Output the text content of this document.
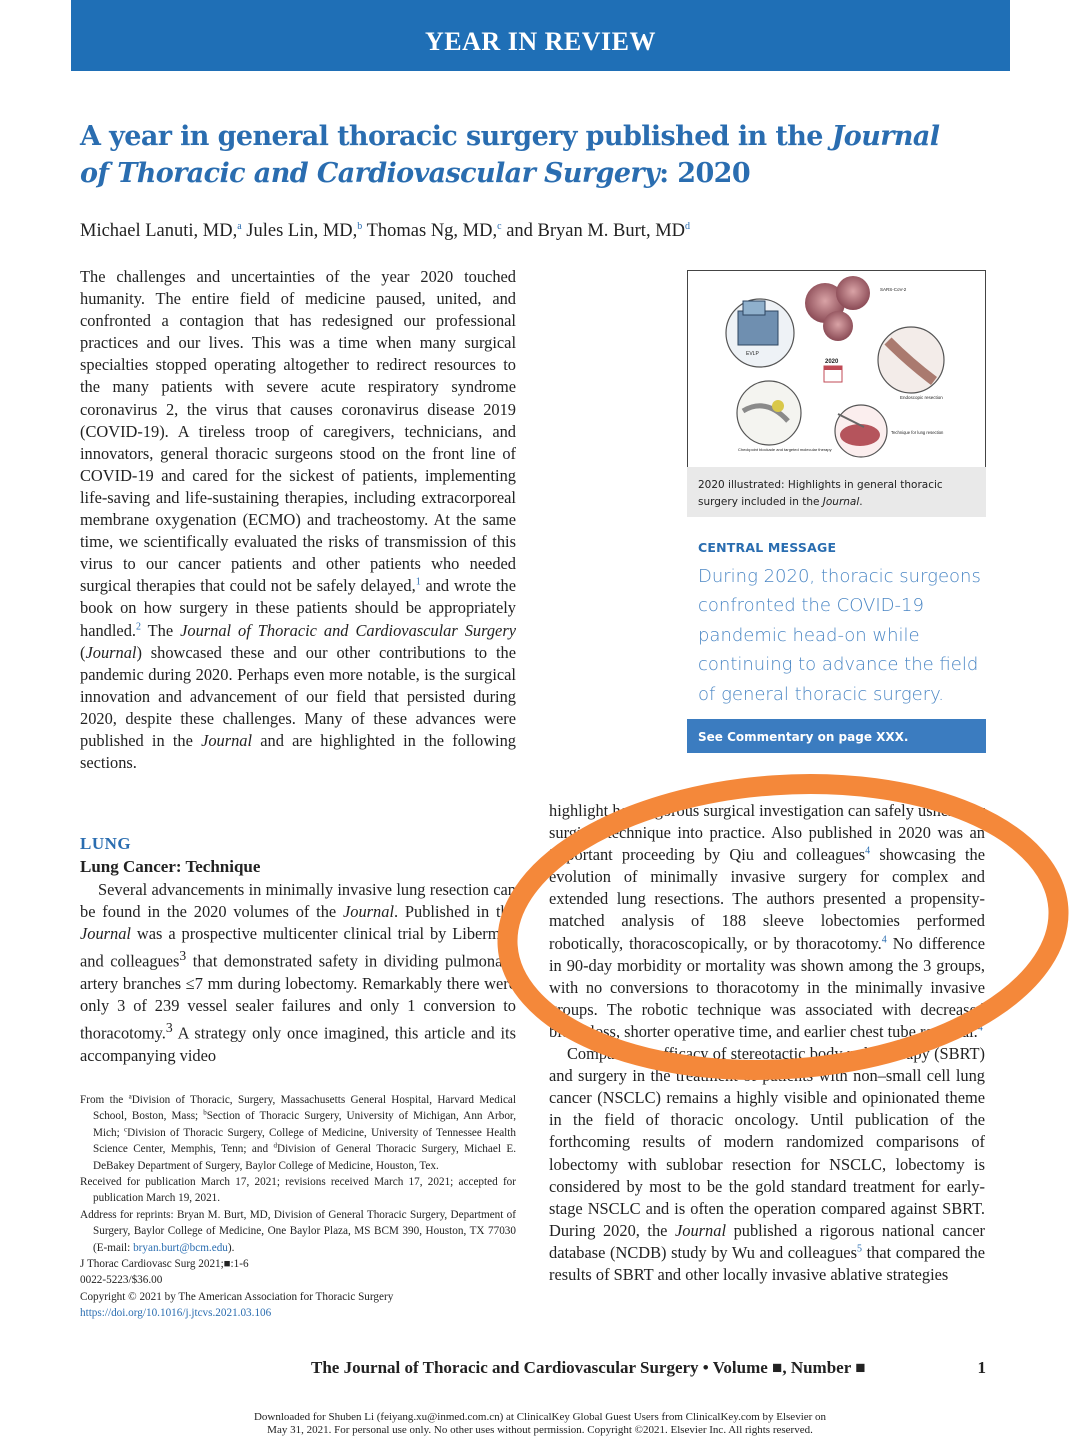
YEAR IN REVIEW
A year in general thoracic surgery published in the Journal
of Thoracic and Cardiovascular Surgery: 2020
Michael Lanuti, MD,$^a$ Jules Lin, MD,$^b$ Thomas Ng, MD,$^c$ and Bryan M. Burt, $MD^d$

The challenges and uncertainties of the year 2020 touched humanity. The entire field of medicine paused, united, and confronted a contagion that has redesigned our professional practices and our lives. This was a time when many surgical specialties stopped operating altogether to redirect resources to the many patients with severe acute respiratory syndrome coronavirus 2, the virus that causes coronavirus disease 2019 (COVID-19). A tireless troop of caregivers, technicians, and innovators, general thoracic surgeons stood on the front line of COVID-19 and cared for the sickest of patients, implementing life-saving and life-sustaining therapies, including extracorporeal membrane oxygenation (ECMO) and tracheostomy. At the same time, we scientifically evaluated the risks of transmission of this virus to our cancer patients and other patients who needed surgical therapies that could not be safely delayed,$^1$ and wrote the book on how surgery in these patients should be appropriately handled.$^2$ The Journal of Thoracic and Cardiovascular Surgery (Journal) showcased these and our other contributions to the pandemic during 2020. Perhaps even more notable, is the surgical innovation and advancement of our field that persisted during 2020, despite these challenges. Many of these advances were published in the Journal and are highlighted in the following sections.

LUNG
Lung Cancer: Technique

Several advancements in minimally invasive lung resection can be found in the 2020 volumes of the Journal. Published in the Journal was a prospective multicenter clinical trial by Liberman and colleagues$^3$ that demonstrated safety in dividing pulmonary artery branches ≤7 mm during lobectomy. Remarkably there were only 3 of 239 vessel sealer failures and only 1 conversion to thoracotomy.$^3$ A strategy only once imagined, this article and its accompanying video

EVLP
SARS-CoV-2
2020
Endoscopic resection
Checkpoint blockade and targeted molecular therapy
Technique for lung resection
2020 illustrated: Highlights in general thoracic surgery included in the Journal.
CENTRAL MESSAGE
During 2020, thoracic surgeons confronted the COVID-19 pandemic head-on while continuing to advance the field of general thoracic surgery.
See Commentary on page XXX.

highlight how rigorous surgical investigation can safely usher new surgical technique into practice. Also published in 2020 was an important proceeding by Qiu and colleagues$^4$ showcasing the evolution of minimally invasive surgery for complex and extended lung resections. The authors presented a propensity-matched analysis of 188 sleeve lobectomies performed robotically, thoracoscopically, or by thoracotomy.$^4$ No difference in 90-day morbidity or mortality was shown among the 3 groups, with no conversions to thoracotomy in the minimally invasive groups. The robotic technique was associated with decreased blood loss, shorter operative time, and earlier chest tube removal.$^4$

Comparative efficacy of stereotactic body radiotherapy (SBRT) and surgery in the treatment of patients with non–small cell lung cancer (NSCLC) remains a highly visible and opinionated theme in the field of thoracic oncology. Until publication of the forthcoming results of modern randomized comparisons of lobectomy with sublobar resection for NSCLC, lobectomy is considered by most to be the gold standard treatment for early-stage NSCLC and is often the operation compared against SBRT. During 2020, the Journal published a rigorous national cancer database (NCDB) study by Wu and colleagues$^5$ that compared the results of SBRT and other locally invasive ablative strategies

From the $^a$Division of Thoracic, Surgery, Massachusetts General Hospital, Harvard Medical School, Boston, Mass; $^b$Section of Thoracic Surgery, University of Michigan, Ann Arbor, Mich; $^c$Division of Thoracic Surgery, College of Medicine, University of Tennessee Health Science Center, Memphis, Tenn; and $^d$Division of General Thoracic Surgery, Michael E. DeBakey Department of Surgery, Baylor College of Medicine, Houston, Tex.

Received for publication March 17, 2021; revisions received March 17, 2021; accepted for publication March 19, 2021.

Address for reprints: Bryan M. Burt, MD, Division of General Thoracic Surgery, Department of Surgery, Baylor College of Medicine, One Baylor Plaza, MS BCM 390, Houston, TX 77030 (E-mail: bryan.burt@bcm.edu).

J Thorac Cardiovasc Surg 2021;■:1-6

0022-5223/$36.00

Copyright © 2021 by The American Association for Thoracic Surgery

https://doi.org/10.1016/j.jtcvs.2021.03.106

The Journal of Thoracic and Cardiovascular Surgery • Volume ■, Number ■	1
Downloaded for Shuben Li (feiyang.xu@inmed.com.cn) at ClinicalKey Global Guest Users from ClinicalKey.com by Elsevier on
May 31, 2021. For personal use only. No other uses without permission. Copyright ©2021. Elsevier Inc. All rights reserved.
